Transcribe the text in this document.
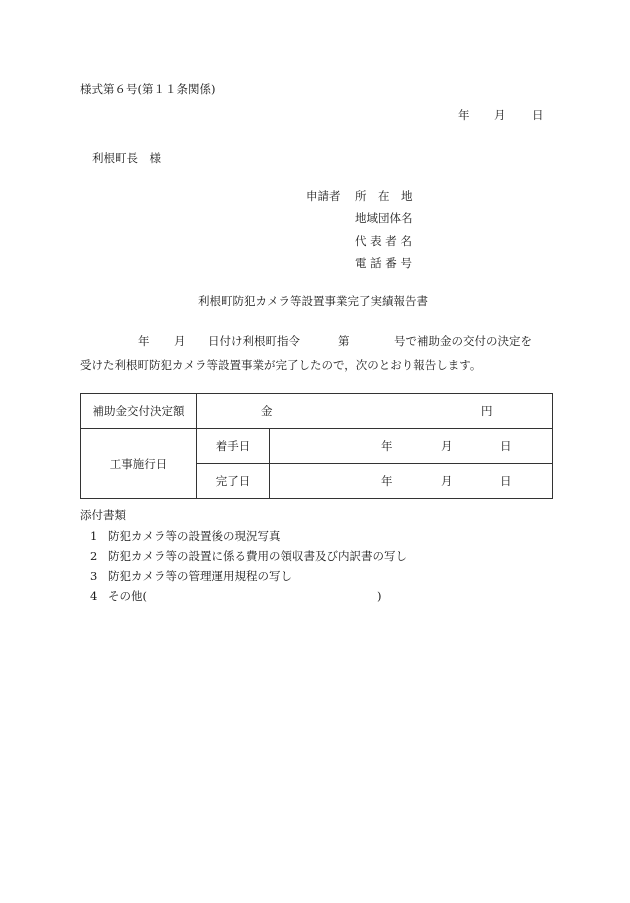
様式第６号(第１１条関係)
年 月 日
利根町長　様
申請者 所　在　地
地域団体名
代 表 者 名
電 話 番 号
利根町防犯カメラ等設置事業完了実績報告書
年 月 日付け利根町指令	第	号で補助金の交付の決定を
受けた利根町防犯カメラ等設置事業が完了したので，次のとおり報告します。
補助金交付決定額	金 円	

工事施行日	着手日	年 月 日

	完了日	年 月 日
添付書類
1 防犯カメラ等の設置後の現況写真
2 防犯カメラ等の設置に係る費用の領収書及び内訳書の写し
3 防犯カメラ等の管理運用規程の写し
4 その他(　　　　　　　　　　　　　　　　　　　　)
